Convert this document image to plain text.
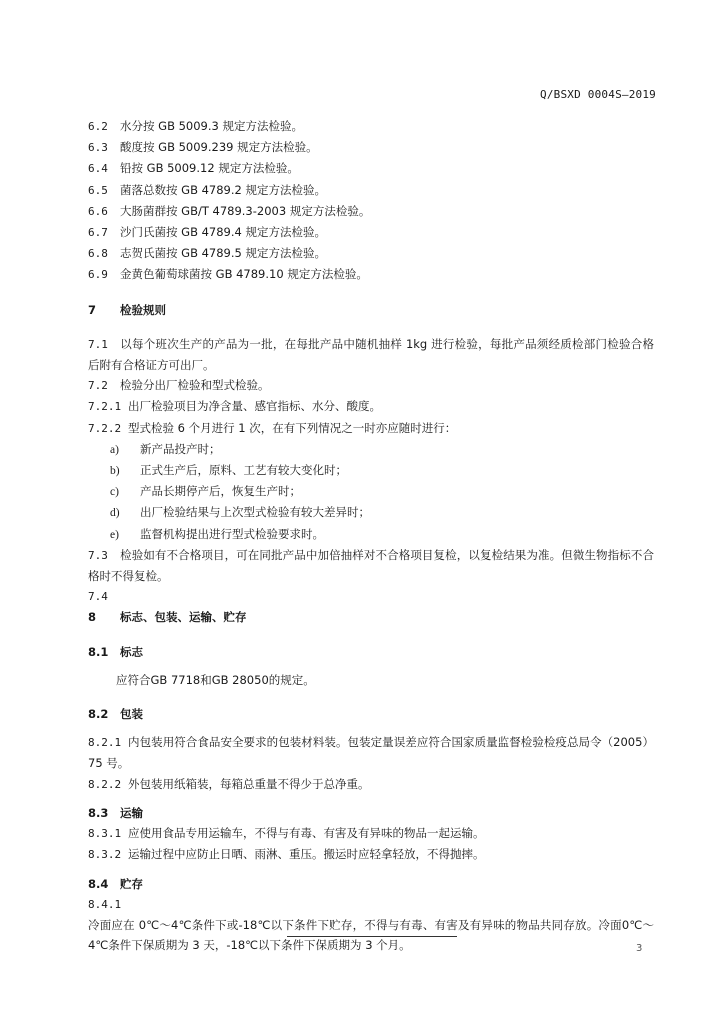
Q/BSXD 0004S—2019
6.2 水分按 GB 5009.3 规定方法检验。
6.3 酸度按 GB 5009.239 规定方法检验。
6.4 铅按 GB 5009.12 规定方法检验。
6.5 菌落总数按 GB 4789.2 规定方法检验。
6.6 大肠菌群按 GB/T 4789.3-2003 规定方法检验。
6.7 沙门氏菌按 GB 4789.4 规定方法检验。
6.8 志贺氏菌按 GB 4789.5 规定方法检验。
6.9 金黄色葡萄球菌按 GB 4789.10 规定方法检验。
7 检验规则
7.1 以每个班次生产的产品为一批，在每批产品中随机抽样 1kg 进行检验，每批产品须经质检部门检验合格后附有合格证方可出厂。
7.2 检验分出厂检验和型式检验。
7.2.1 出厂检验项目为净含量、感官指标、水分、酸度。
7.2.2 型式检验 6 个月进行 1 次，在有下列情况之一时亦应随时进行：
a) 新产品投产时；
b) 正式生产后，原料、工艺有较大变化时；
c) 产品长期停产后，恢复生产时；
d) 出厂检验结果与上次型式检验有较大差异时；
e) 监督机构提出进行型式检验要求时。
7.3 检验如有不合格项目，可在同批产品中加倍抽样对不合格项目复检，以复检结果为准。但微生物指标不合格时不得复检。
7.4
8 标志、包装、运输、贮存
8.1 标志
应符合GB 7718和GB 28050的规定。
8.2 包装
8.2.1 内包装用符合食品安全要求的包装材料装。包装定量误差应符合国家质量监督检验检疫总局令（2005）75 号。
8.2.2 外包装用纸箱装，每箱总重量不得少于总净重。
8.3 运输
8.3.1 应使用食品专用运输车，不得与有毒、有害及有异味的物品一起运输。
8.3.2 运输过程中应防止日晒、雨淋、重压。搬运时应轻拿轻放，不得抛摔。
8.4 贮存
8.4.1
冷面应在 0℃～4℃条件下或-18℃以下条件下贮存，不得与有毒、有害及有异味的物品共同存放。冷面0℃～4℃条件下保质期为 3 天，-18℃以下条件下保质期为 3 个月。	3
